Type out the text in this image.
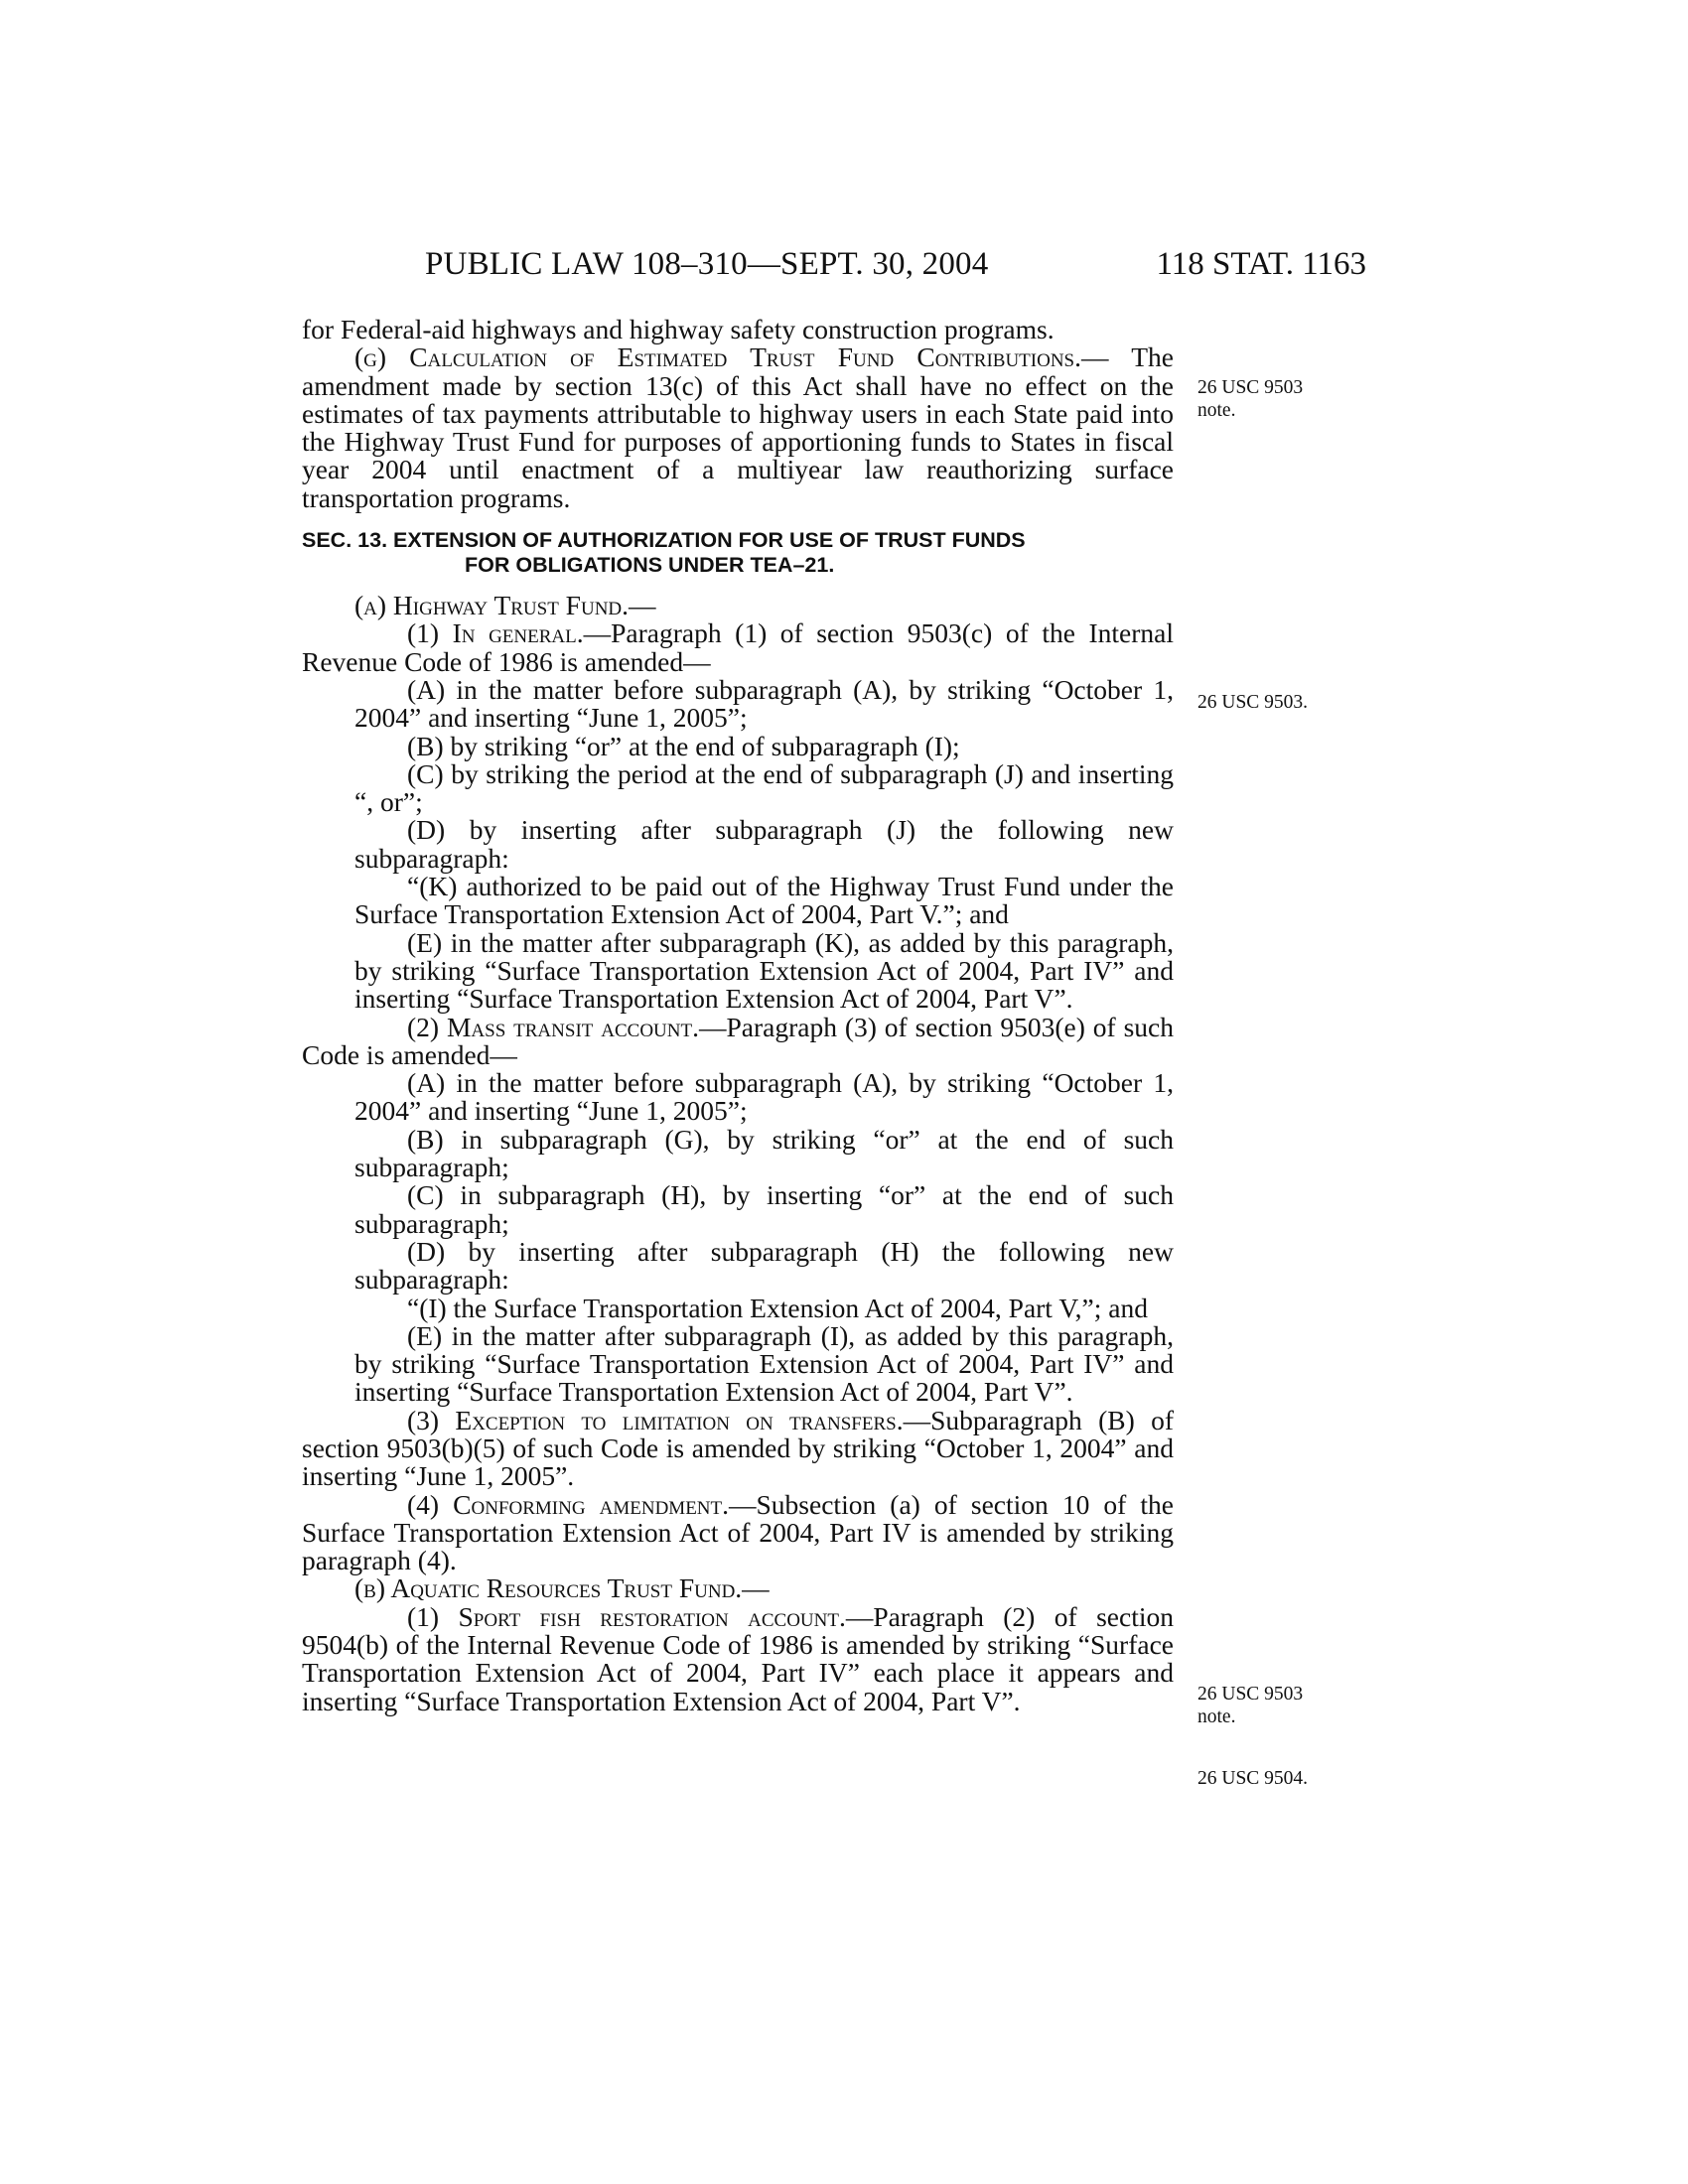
PUBLIC LAW 108–310—SEPT. 30, 2004	118 STAT. 1163

for Federal-aid highways and highway safety construction programs.

(g) Calculation of Estimated Trust Fund Contributions.— The amendment made by section 13(c) of this Act shall have no effect on the estimates of tax payments attributable to highway users in each State paid into the Highway Trust Fund for purposes of apportioning funds to States in fiscal year 2004 until enactment of a multiyear law reauthorizing surface transportation programs.

SEC. 13. EXTENSION OF AUTHORIZATION FOR USE OF TRUST FUNDS
FOR OBLIGATIONS UNDER TEA–21.

(a) Highway Trust Fund.—

(1) In general.—Paragraph (1) of section 9503(c) of the Internal Revenue Code of 1986 is amended—

(A) in the matter before subparagraph (A), by striking “October 1, 2004” and inserting “June 1, 2005”;

(B) by striking “or” at the end of subparagraph (I);

(C) by striking the period at the end of subparagraph (J) and inserting “, or”;

(D) by inserting after subparagraph (J) the following new subparagraph:

“(K) authorized to be paid out of the Highway Trust Fund under the Surface Transportation Extension Act of 2004, Part V.”; and

(E) in the matter after subparagraph (K), as added by this paragraph, by striking “Surface Transportation Extension Act of 2004, Part IV” and inserting “Surface Transportation Extension Act of 2004, Part V”.

(2) Mass transit account.—Paragraph (3) of section 9503(e) of such Code is amended—

(A) in the matter before subparagraph (A), by striking “October 1, 2004” and inserting “June 1, 2005”;

(B) in subparagraph (G), by striking “or” at the end of such subparagraph;

(C) in subparagraph (H), by inserting “or” at the end of such subparagraph;

(D) by inserting after subparagraph (H) the following new subparagraph:

“(I) the Surface Transportation Extension Act of 2004, Part V,”; and

(E) in the matter after subparagraph (I), as added by this paragraph, by striking “Surface Transportation Extension Act of 2004, Part IV” and inserting “Surface Transportation Extension Act of 2004, Part V”.

(3) Exception to limitation on transfers.—Subparagraph (B) of section 9503(b)(5) of such Code is amended by striking “October 1, 2004” and inserting “June 1, 2005”.

(4) Conforming amendment.—Subsection (a) of section 10 of the Surface Transportation Extension Act of 2004, Part IV is amended by striking paragraph (4).

(b) Aquatic Resources Trust Fund.—

(1) Sport fish restoration account.—Paragraph (2) of section 9504(b) of the Internal Revenue Code of 1986 is amended by striking “Surface Transportation Extension Act of 2004, Part IV” each place it appears and inserting “Surface Transportation Extension Act of 2004, Part V”.

26 USC 9503
note.
26 USC 9503.
26 USC 9503
note.
26 USC 9504.
